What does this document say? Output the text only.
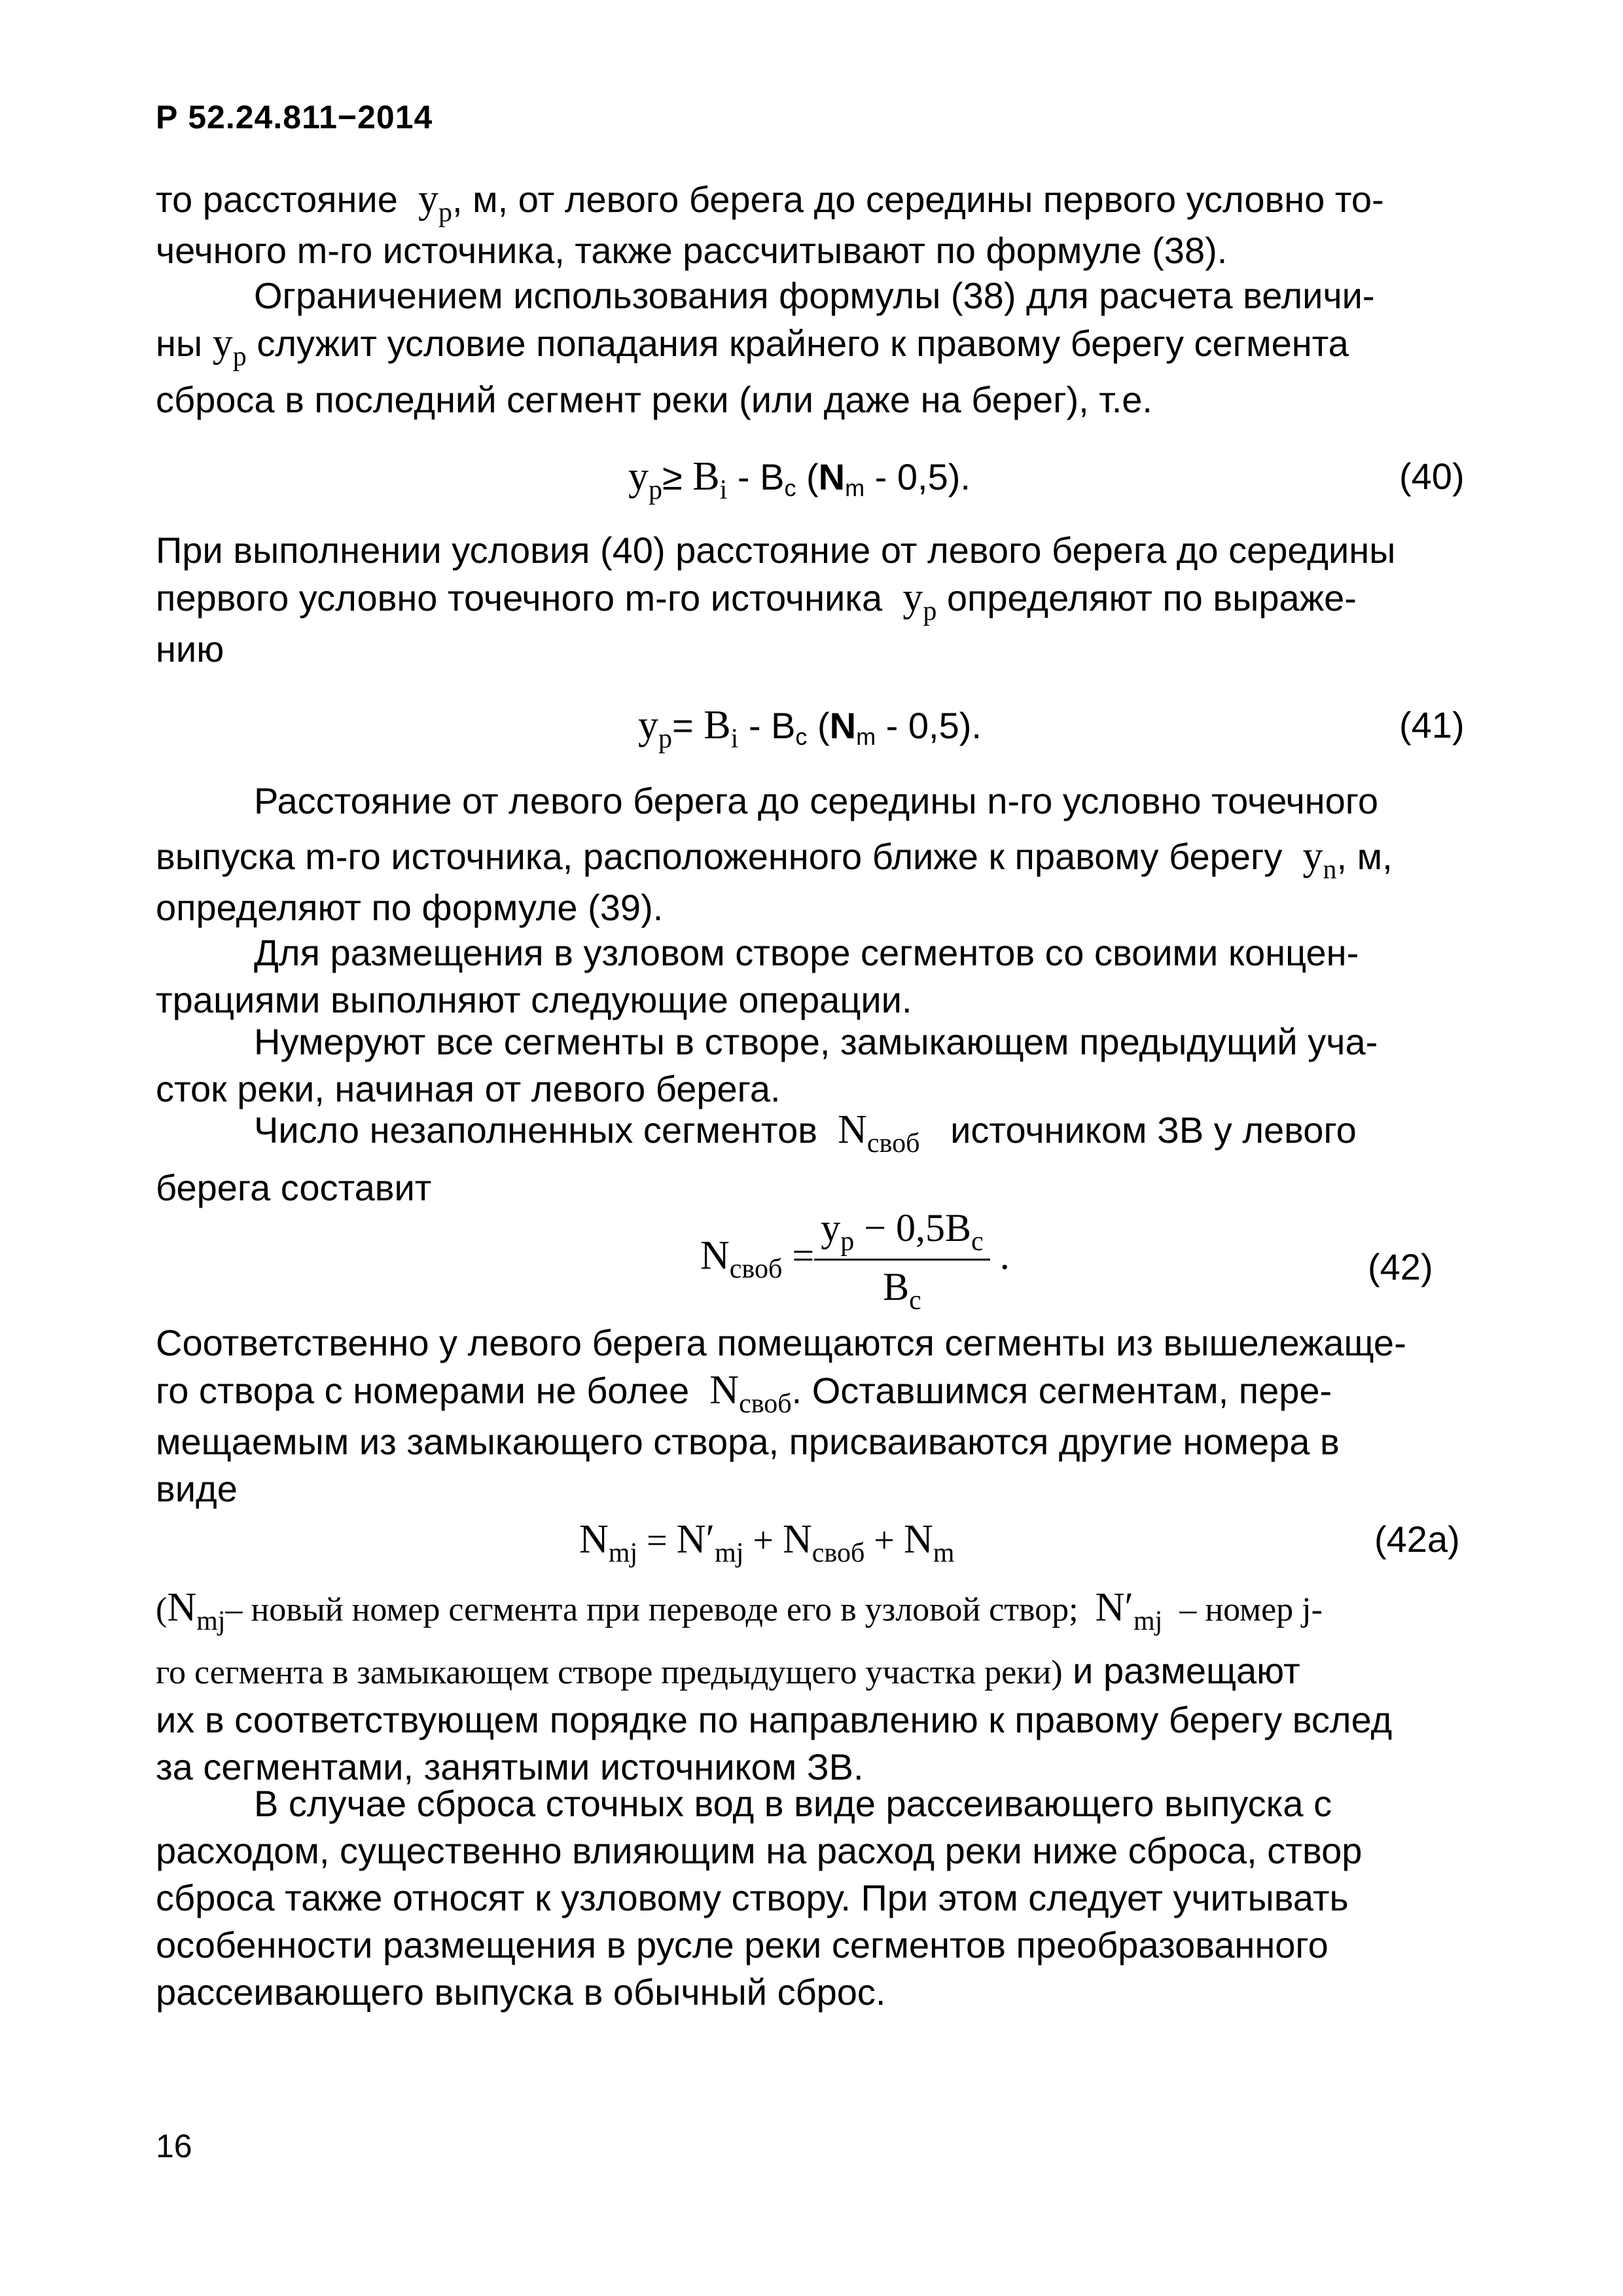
Р 52.24.811−2014
то расстояние $y_p$, м, от левого берега до середины первого условно то-
чечного m-го источника, также рассчитывают по формуле (38).
Ограничением использования формулы (38) для расчета величи-
ны $y_p$ служит условие попадания крайнего к правому берегу сегмента
сброса в последний сегмент реки (или даже на берег), т.е.
$y_p\ge B_i - Bc$ (Nm - 0,5).	(40)
При выполнении условия (40) расстояние от левого берега до середины
первого условно точечного m-го источника $y_p$ определяют по выраже-
нию
$y_p= B_i - Bc$ (Nm - 0,5).	(41)
Расстояние от левого берега до середины n-го условно точечного
выпуска m-го источника, расположенного ближе к правому берегу $y_n$, м,
определяют по формуле (39).
Для размещения в узловом створе сегментов со своими концен-
трациями выполняют следующие операции.
Нумеруют все сегменты в створе, замыкающем предыдущий уча-
сток реки, начиная от левого берега.
Число незаполненных сегментов $N_{своб}$ источником ЗВ у левого
берега составит
$N_{своб} = \frac{y_p - 0,5B_c}{B_c}$ .	(42)
Соответственно у левого берега помещаются сегменты из вышележаще-
го створа с номерами не более $N_{своб}$. Оставшимся сегментам, пере-
мещаемым из замыкающего створа, присваиваются другие номера в
виде
$N_{mj} = N'_{mj} + N_{своб} + N_m$	(42а)
($N_{mj}-$ новый номер сегмента при переводе его в узловой створ; $N'_{mj}$ – номер j-
го сегмента в замыкающем створе предыдущего участка реки) и размещают
их в соответствующем порядке по направлению к правому берегу вслед
за сегментами, занятыми источником ЗВ.
В случае сброса сточных вод в виде рассеивающего выпуска с
расходом, существенно влияющим на расход реки ниже сброса, створ
сброса также относят к узловому створу. При этом следует учитывать
особенности размещения в русле реки сегментов преобразованного
рассеивающего выпуска в обычный сброс.
16
